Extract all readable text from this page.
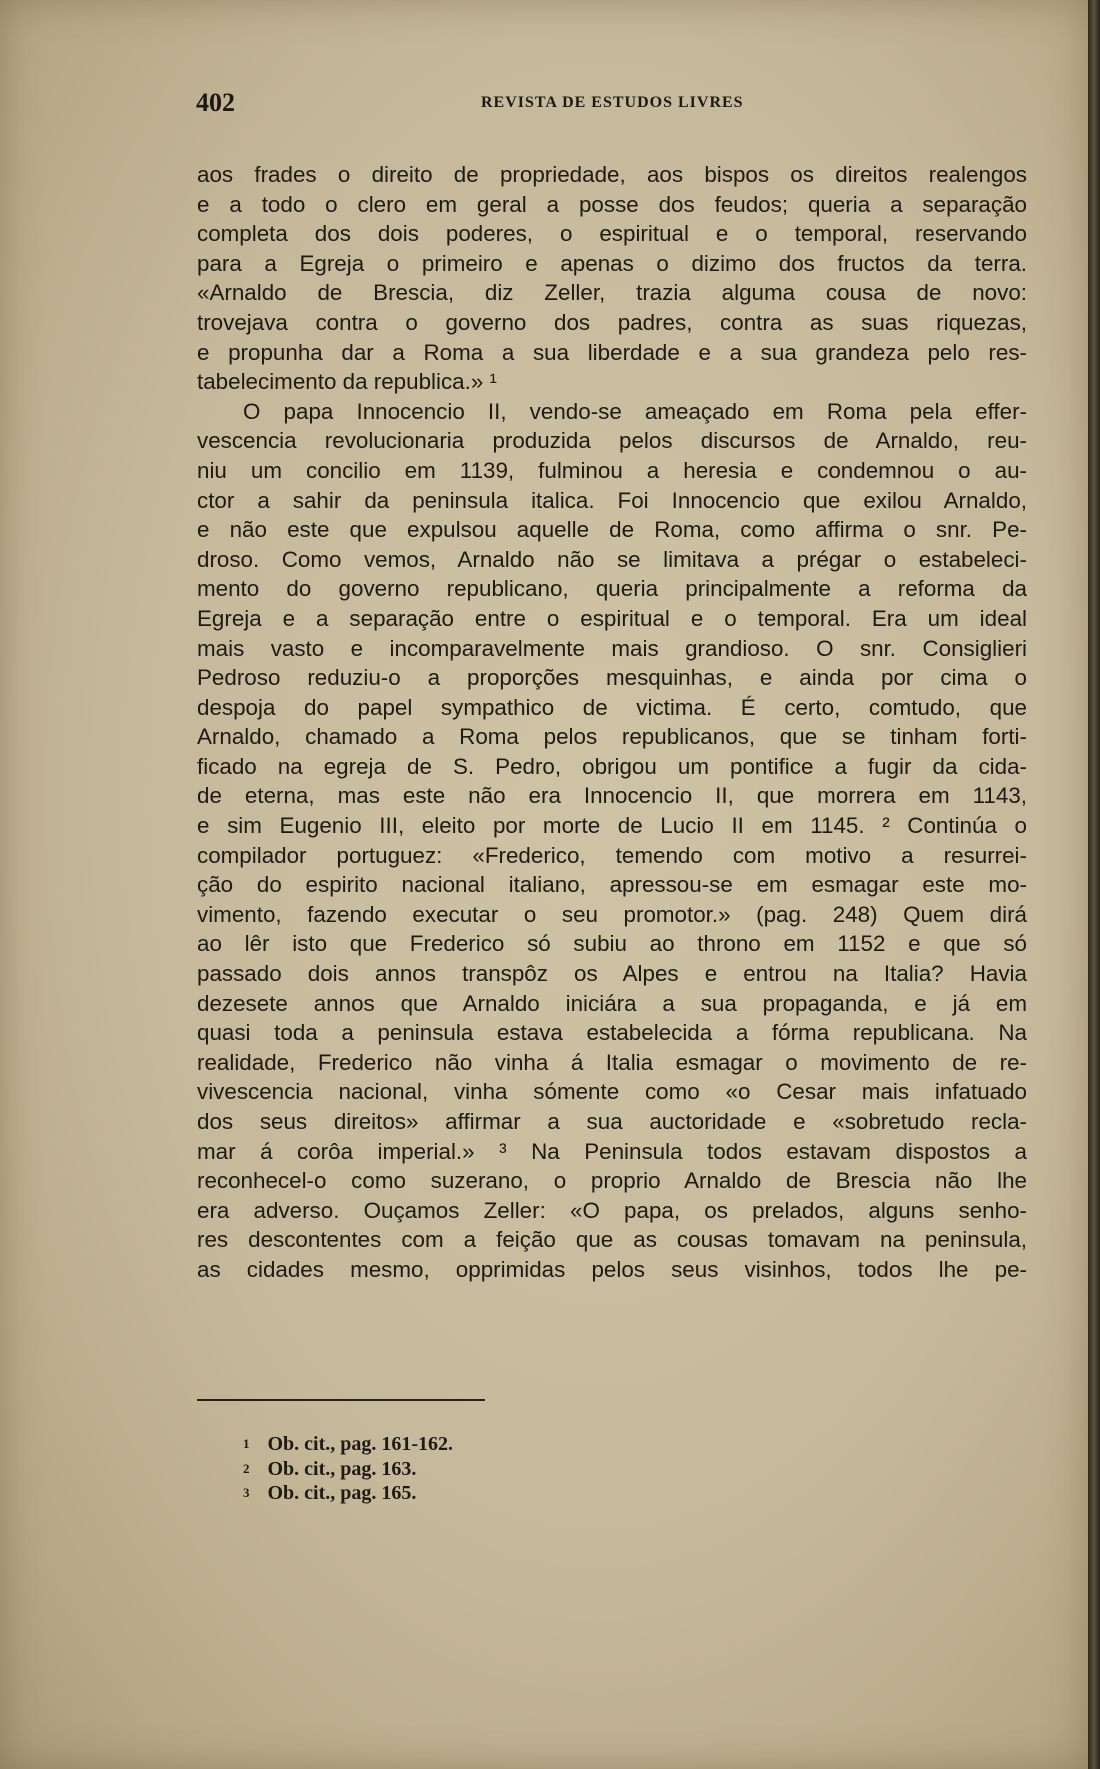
402	REVISTA DE ESTUDOS LIVRES
aos frades o direito de propriedade, aos bispos os direitos realengos
e a todo o clero em geral a posse dos feudos; queria a separação
completa dos dois poderes, o espiritual e o temporal, reservando
para a Egreja o primeiro e apenas o dizimo dos fructos da terra.
«Arnaldo de Brescia, diz Zeller, trazia alguma cousa de novo:
trovejava contra o governo dos padres, contra as suas riquezas,
e propunha dar a Roma a sua liberdade e a sua grandeza pelo res-
tabelecimento da republica.» ¹
O papa Innocencio II, vendo-se ameaçado em Roma pela effer-
vescencia revolucionaria produzida pelos discursos de Arnaldo, reu-
niu um concilio em 1139, fulminou a heresia e condemnou o au-
ctor a sahir da peninsula italica. Foi Innocencio que exilou Arnaldo,
e não este que expulsou aquelle de Roma, como affirma o snr. Pe-
droso. Como vemos, Arnaldo não se limitava a prégar o estabeleci-
mento do governo republicano, queria principalmente a reforma da
Egreja e a separação entre o espiritual e o temporal. Era um ideal
mais vasto e incomparavelmente mais grandioso. O snr. Consiglieri
Pedroso reduziu-o a proporções mesquinhas, e ainda por cima o
despoja do papel sympathico de victima. É certo, comtudo, que
Arnaldo, chamado a Roma pelos republicanos, que se tinham forti-
ficado na egreja de S. Pedro, obrigou um pontifice a fugir da cida-
de eterna, mas este não era Innocencio II, que morrera em 1143,
e sim Eugenio III, eleito por morte de Lucio II em 1145. ² Continúa o
compilador portuguez: «Frederico, temendo com motivo a resurrei-
ção do espirito nacional italiano, apressou-se em esmagar este mo-
vimento, fazendo executar o seu promotor.» (pag. 248) Quem dirá
ao lêr isto que Frederico só subiu ao throno em 1152 e que só
passado dois annos transpôz os Alpes e entrou na Italia? Havia
dezesete annos que Arnaldo iniciára a sua propaganda, e já em
quasi toda a peninsula estava estabelecida a fórma republicana. Na
realidade, Frederico não vinha á Italia esmagar o movimento de re-
vivescencia nacional, vinha sómente como «o Cesar mais infatuado
dos seus direitos» affirmar a sua auctoridade e «sobretudo recla-
mar á corôa imperial.» ³ Na Peninsula todos estavam dispostos a
reconhecel-o como suzerano, o proprio Arnaldo de Brescia não lhe
era adverso. Ouçamos Zeller: «O papa, os prelados, alguns senho-
res descontentes com a feição que as cousas tomavam na peninsula,
as cidades mesmo, opprimidas pelos seus visinhos, todos lhe pe-
$^1$ Ob. cit., pag. 161-162.
$^2$ Ob. cit., pag. 163.
$^3$ Ob. cit., pag. 165.
